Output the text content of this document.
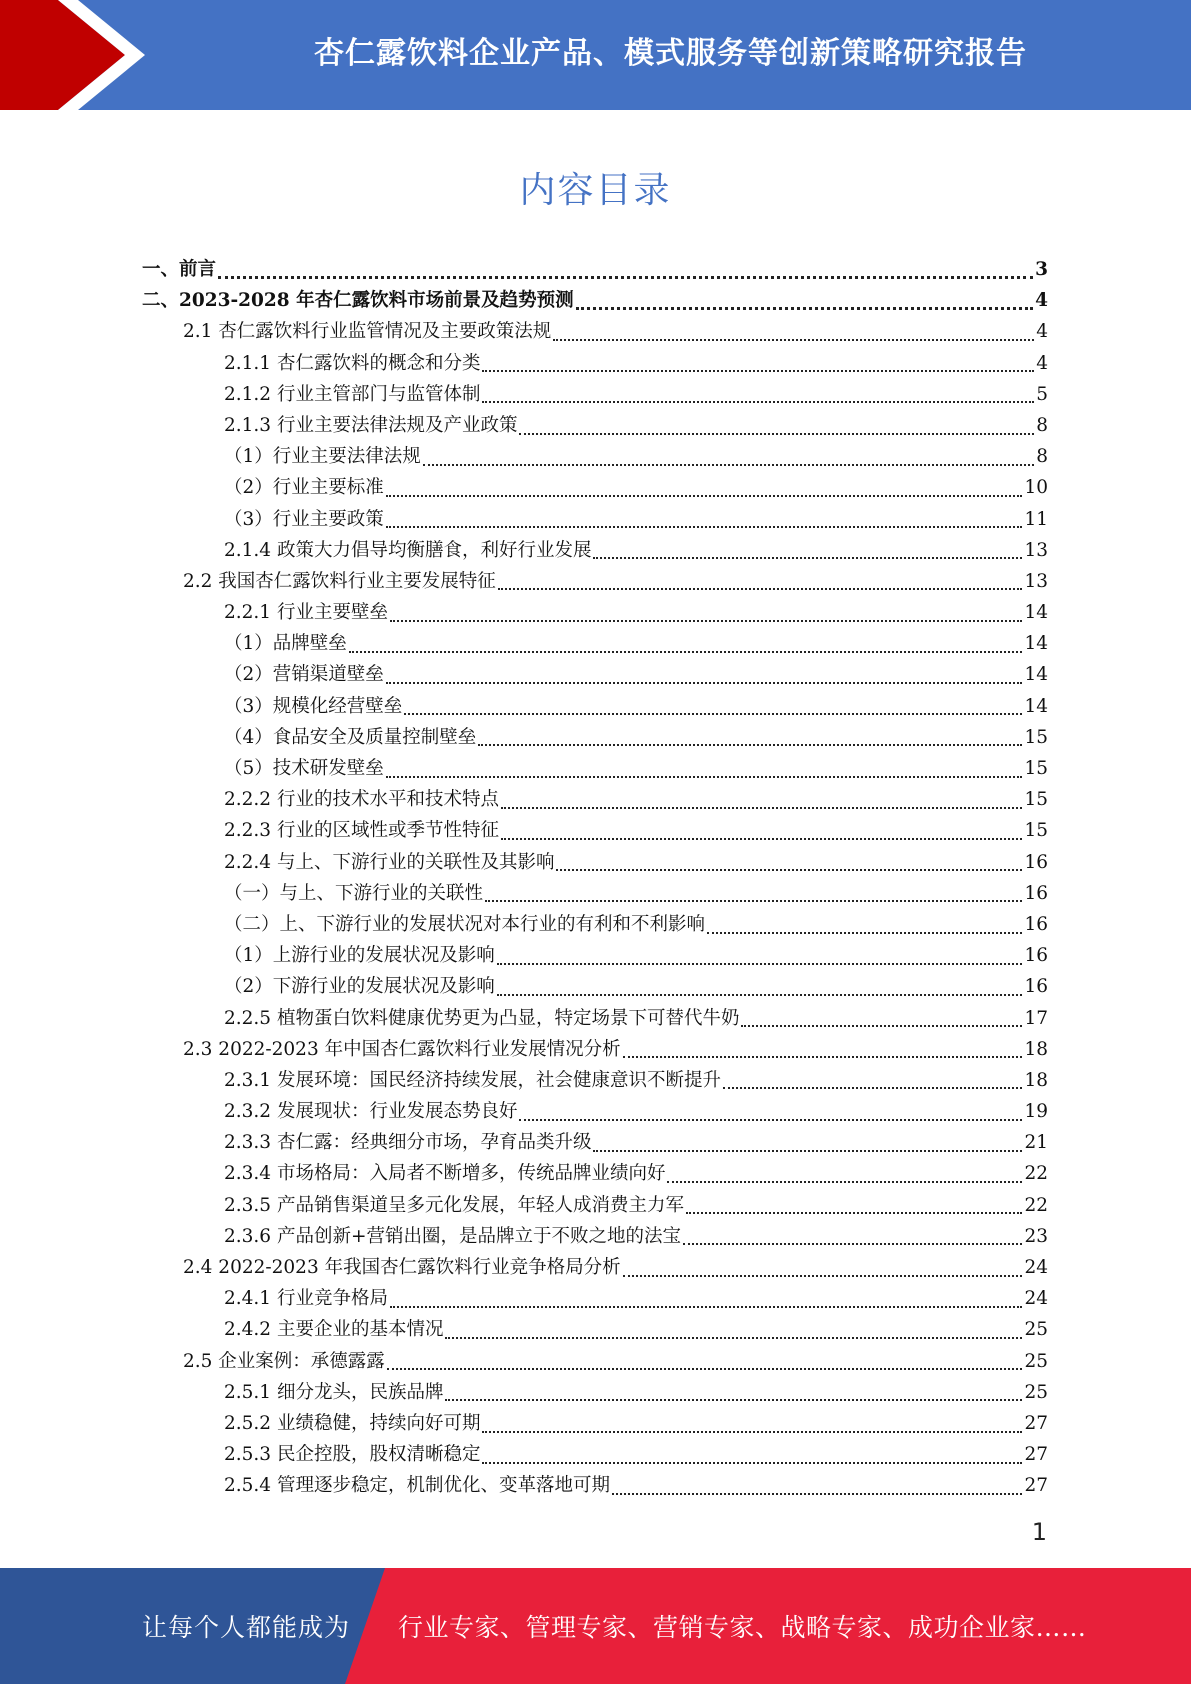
杏仁露饮料企业产品、模式服务等创新策略研究报告
内容目录
一、前言	3
二、2023-2028 年杏仁露饮料市场前景及趋势预测	4
2.1 杏仁露饮料行业监管情况及主要政策法规	4
2.1.1 杏仁露饮料的概念和分类	4
2.1.2 行业主管部门与监管体制	5
2.1.3 行业主要法律法规及产业政策	8
（1）行业主要法律法规	8
（2）行业主要标准	10
（3）行业主要政策	11
2.1.4 政策大力倡导均衡膳食，利好行业发展	13
2.2 我国杏仁露饮料行业主要发展特征	13
2.2.1 行业主要壁垒	14
（1）品牌壁垒	14
（2）营销渠道壁垒	14
（3）规模化经营壁垒	14
（4）食品安全及质量控制壁垒	15
（5）技术研发壁垒	15
2.2.2 行业的技术水平和技术特点	15
2.2.3 行业的区域性或季节性特征	15
2.2.4 与上、下游行业的关联性及其影响	16
（一）与上、下游行业的关联性	16
（二）上、下游行业的发展状况对本行业的有利和不利影响	16
（1）上游行业的发展状况及影响	16
（2）下游行业的发展状况及影响	16
2.2.5 植物蛋白饮料健康优势更为凸显，特定场景下可替代牛奶	17
2.3 2022-2023 年中国杏仁露饮料行业发展情况分析	18
2.3.1 发展环境：国民经济持续发展，社会健康意识不断提升	18
2.3.2 发展现状：行业发展态势良好	19
2.3.3 杏仁露：经典细分市场，孕育品类升级	21
2.3.4 市场格局：入局者不断增多，传统品牌业绩向好	22
2.3.5 产品销售渠道呈多元化发展，年轻人成消费主力军	22
2.3.6 产品创新+营销出圈，是品牌立于不败之地的法宝	23
2.4 2022-2023 年我国杏仁露饮料行业竞争格局分析	24
2.4.1 行业竞争格局	24
2.4.2 主要企业的基本情况	25
2.5 企业案例：承德露露	25
2.5.1 细分龙头，民族品牌	25
2.5.2 业绩稳健，持续向好可期	27
2.5.3 民企控股，股权清晰稳定	27
2.5.4 管理逐步稳定，机制优化、变革落地可期	27
1
让每个人都能成为 行业专家、管理专家、营销专家、战略专家、成功企业家……
